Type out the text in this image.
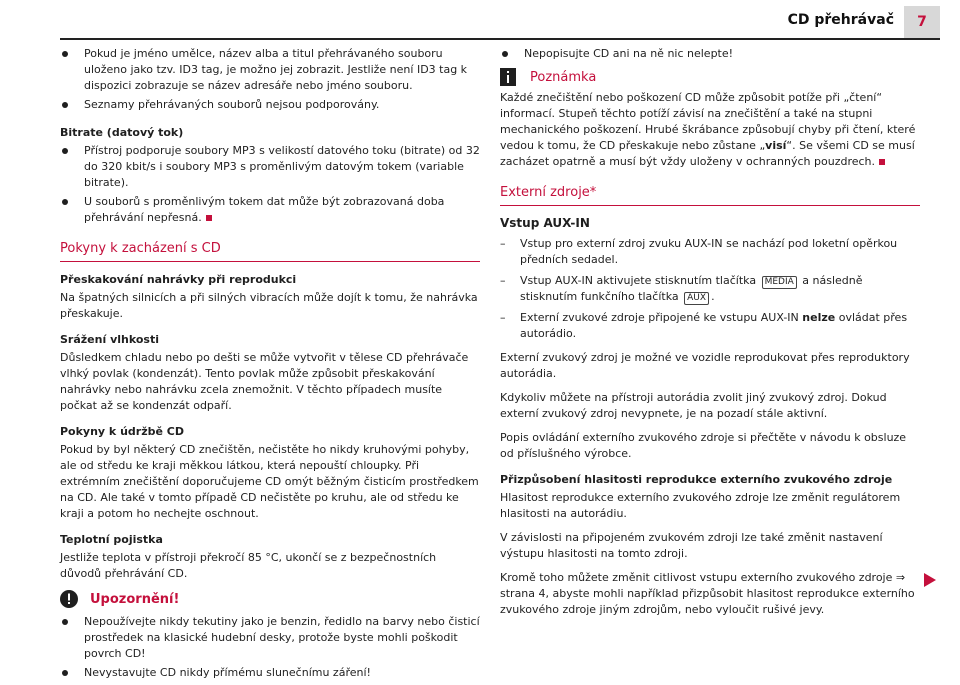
CD přehrávač	7
Pokud je jméno umělce, název alba a titul přehrávaného souboru uloženo jako tzv. ID3 tag, je možno jej zobrazit. Jestliže není ID3 tag k dispozici zobrazuje se název adresáře nebo jméno souboru.
Seznamy přehrávaných souborů nejsou podporovány.
Bitrate (datový tok)
Přístroj podporuje soubory MP3 s velikostí datového toku (bitrate) od 32 do 320 kbit/s i soubory MP3 s proměnlivým datovým tokem (variable bitrate).
U souborů s proměnlivým tokem dat může být zobrazovaná doba přehrávání nepřesná.
Pokyny k zacházení s CD
Přeskakování nahrávky při reprodukci

Na špatných silnicích a při silných vibracích může dojít k tomu, že nahrávka přeskakuje.

Srážení vlhkosti

Důsledkem chladu nebo po dešti se může vytvořit v tělese CD přehrávače vlhký povlak (kondenzát). Tento povlak může způsobit přeskakování nahrávky nebo nahrávku zcela znemožnit. V těchto případech musíte počkat až se kondenzát odpaří.

Pokyny k údržbě CD

Pokud by byl některý CD znečištěn, nečistěte ho nikdy kruhovými pohyby, ale od středu ke kraji měkkou látkou, která nepouští chloupky. Při extrémním znečištění doporučujeme CD omýt běžným čisticím prostředkem na CD. Ale také v tomto případě CD nečistěte po kruhu, ale od středu ke kraji a potom ho nechejte oschnout.

Teplotní pojistka

Jestliže teplota v přístroji překročí 85 °C, ukončí se z bezpečnostních důvodů přehrávání CD.

Upozornění!
Nepoužívejte nikdy tekutiny jako je benzin, ředidlo na barvy nebo čisticí prostředek na klasické hudební desky, protože byste mohli poškodit povrch CD!
Nevystavujte CD nikdy přímému slunečnímu záření!
Nepopisujte CD ani na ně nic nelepte!
Poznámka

Každé znečištění nebo poškození CD může způsobit potíže při „čtení“ informací. Stupeň těchto potíží závisí na znečištění a také na stupni mechanického poškození. Hrubé škrábance způsobují chyby při čtení, které vedou k tomu, že CD přeskakuje nebo zůstane „visí“. Se všemi CD se musí zacházet opatrně a musí být vždy uloženy v ochranných pouzdrech.

Externí zdroje*
Vstup AUX-IN
– Vstup pro externí zdroj zvuku AUX-IN se nachází pod loketní opěrkou předních sedadel.
– Vstup AUX-IN aktivujete stisknutím tlačítka MEDIA a následně stisknutím funkčního tlačítka AUX .
– Externí zvukové zdroje připojené ke vstupu AUX-IN nelze ovládat přes autorádio.

Externí zvukový zdroj je možné ve vozidle reprodukovat přes reproduktory autorádia.

Kdykoliv můžete na přístroji autorádia zvolit jiný zvukový zdroj. Dokud externí zvukový zdroj nevypnete, je na pozadí stále aktivní.

Popis ovládání externího zvukového zdroje si přečtěte v návodu k obsluze od příslušného výrobce.

Přizpůsobení hlasitosti reprodukce externího zvukového zdroje

Hlasitost reprodukce externího zvukového zdroje lze změnit regulátorem hlasitosti na autorádiu.

V závislosti na připojeném zvukovém zdroji lze také změnit nastavení výstupu hlasitosti na tomto zdroji.

Kromě toho můžete změnit citlivost vstupu externího zvukového zdroje ⇒ strana 4, abyste mohli například přizpůsobit hlasitost reprodukce externího zvukového zdroje jiným zdrojům, nebo vyloučit rušivé jevy.
